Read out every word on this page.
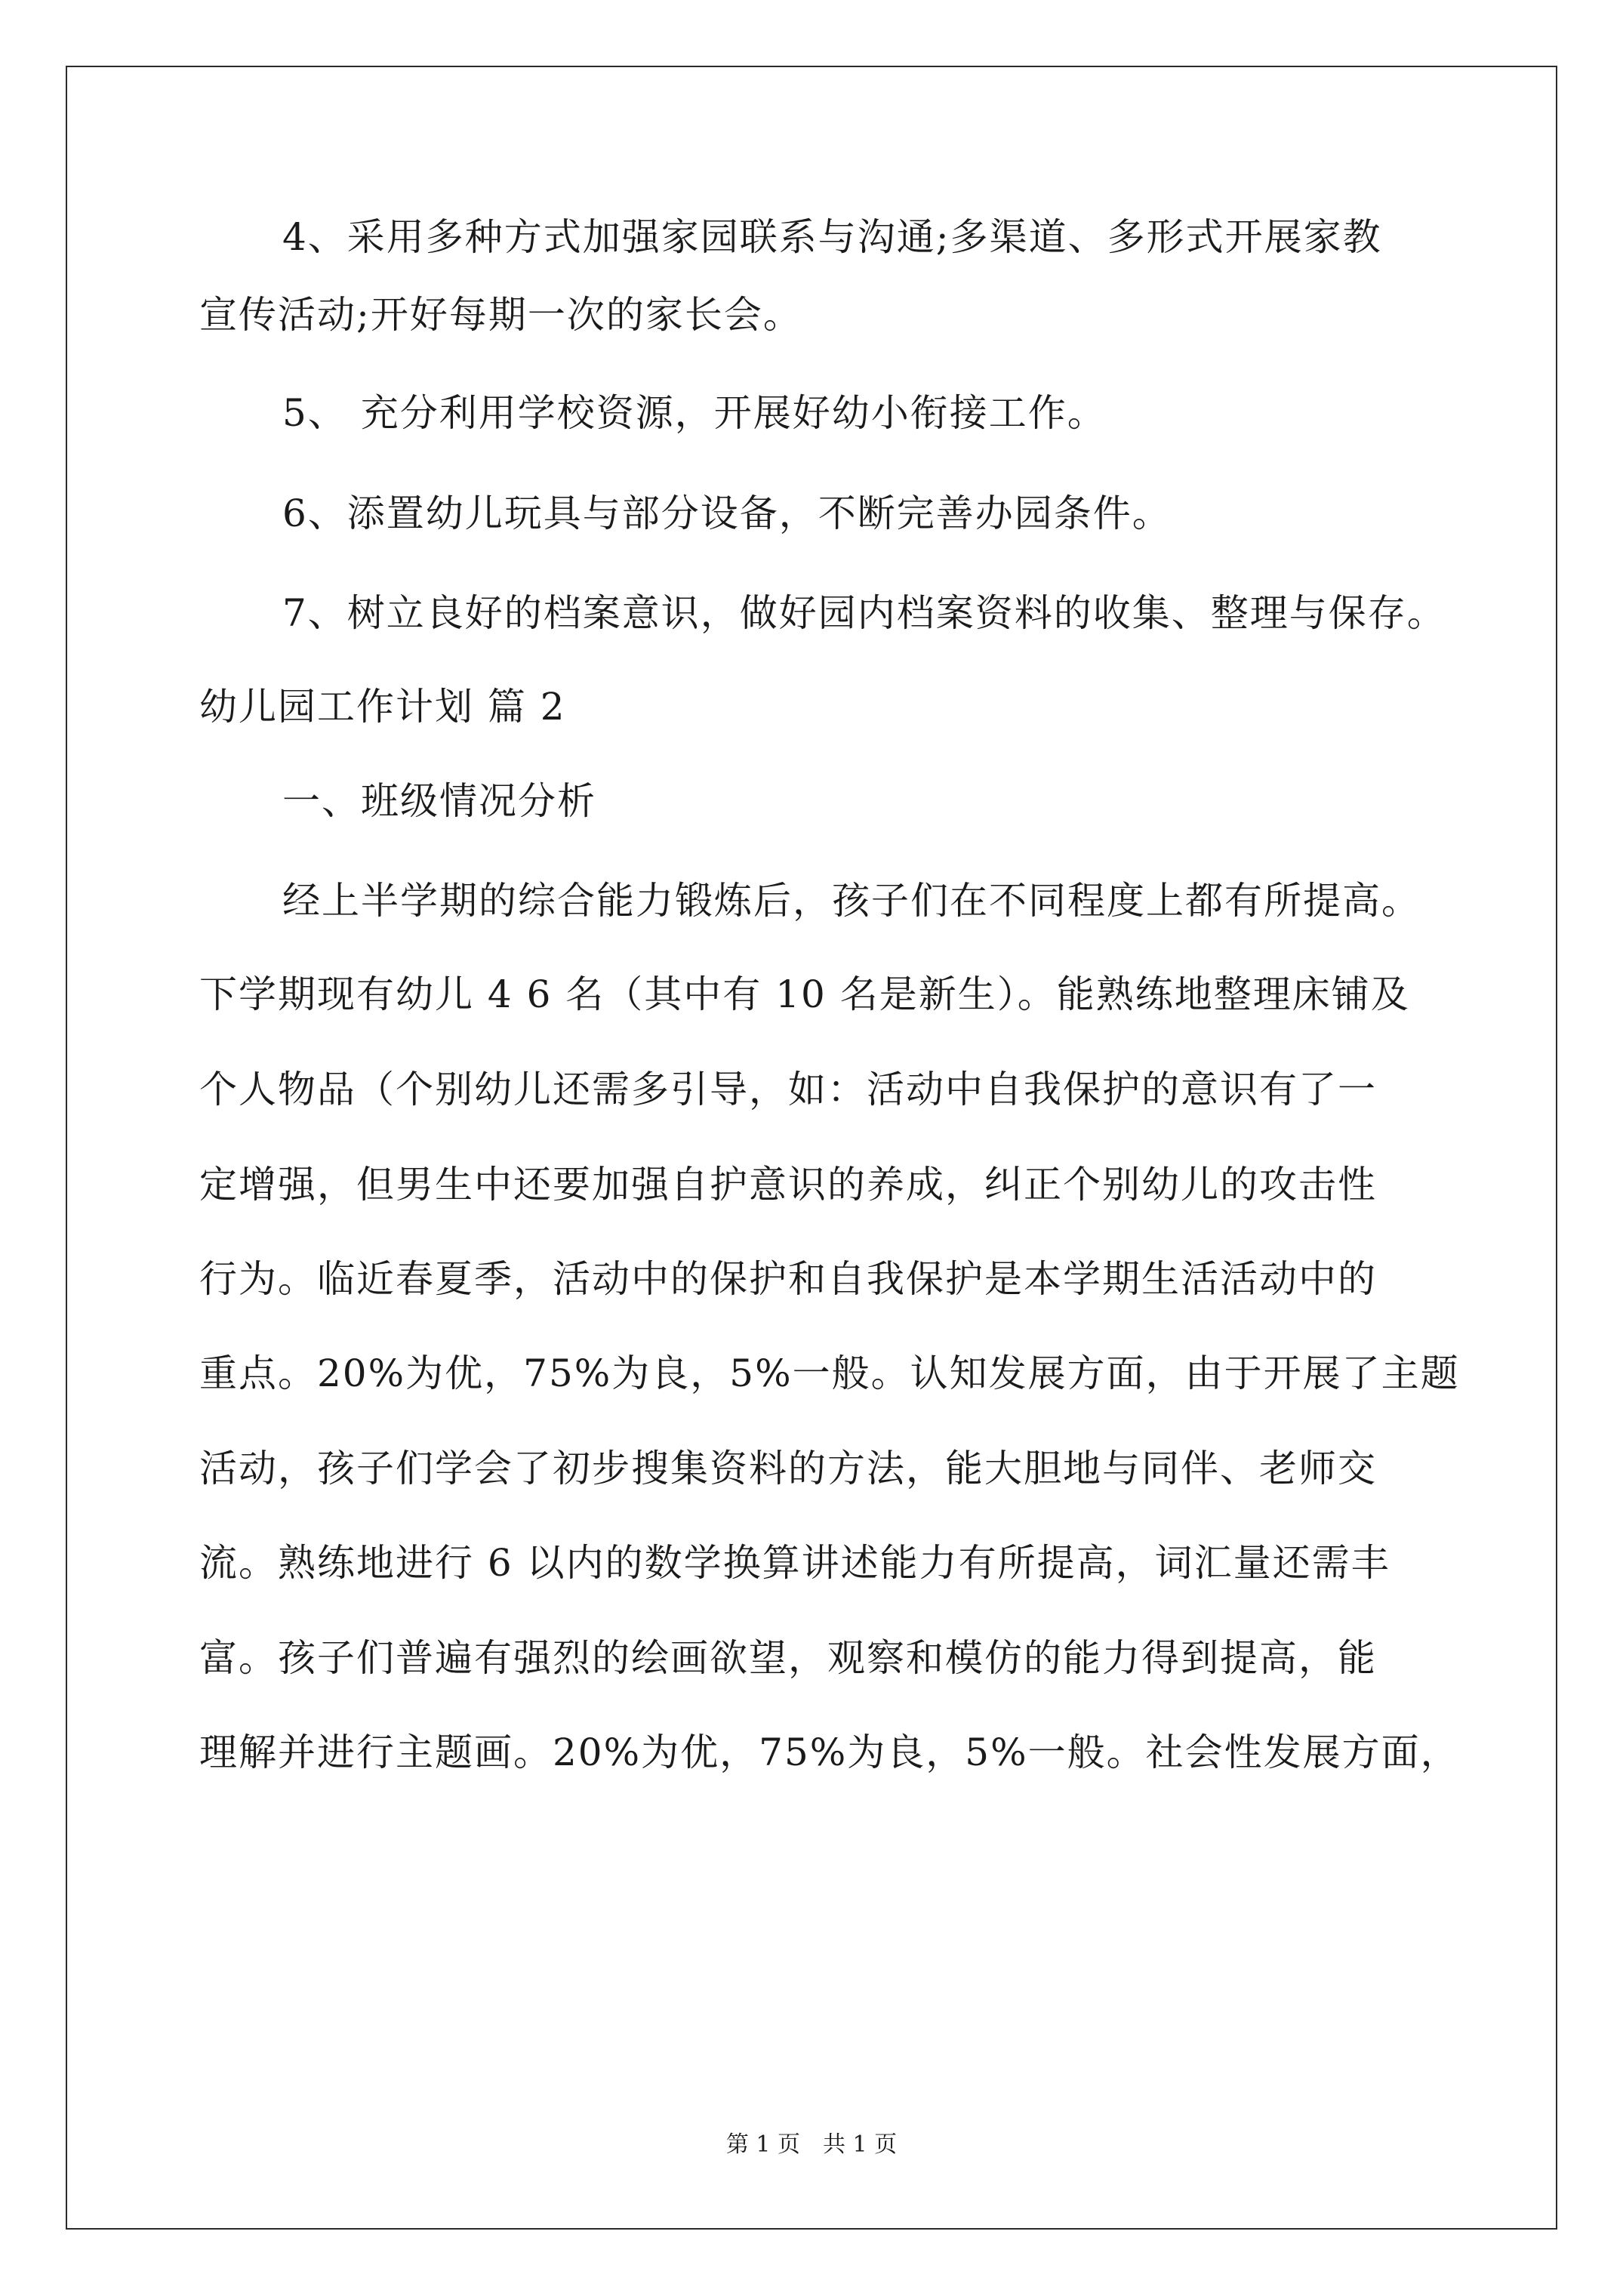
4、采用多种方式加强家园联系与沟通;多渠道、多形式开展家教
宣传活动;开好每期一次的家长会。
5、 充分利用学校资源，开展好幼小衔接工作。
6、添置幼儿玩具与部分设备，不断完善办园条件。
7、树立良好的档案意识，做好园内档案资料的收集、整理与保存。
幼儿园工作计划 篇 2
一、班级情况分析
经上半学期的综合能力锻炼后，孩子们在不同程度上都有所提高。
下学期现有幼儿 4 6 名（其中有 10 名是新生）。能熟练地整理床铺及
个人物品（个别幼儿还需多引导，如：活动中自我保护的意识有了一
定增强，但男生中还要加强自护意识的养成，纠正个别幼儿的攻击性
行为。临近春夏季，活动中的保护和自我保护是本学期生活活动中的
重点。20%为优，75%为良，5%一般。认知发展方面，由于开展了主题
活动，孩子们学会了初步搜集资料的方法，能大胆地与同伴、老师交
流。熟练地进行 6 以内的数学换算讲述能力有所提高，词汇量还需丰
富。孩子们普遍有强烈的绘画欲望，观察和模仿的能力得到提高，能
理解并进行主题画。20%为优，75%为良，5%一般。社会性发展方面，
第 1 页　共 1 页
